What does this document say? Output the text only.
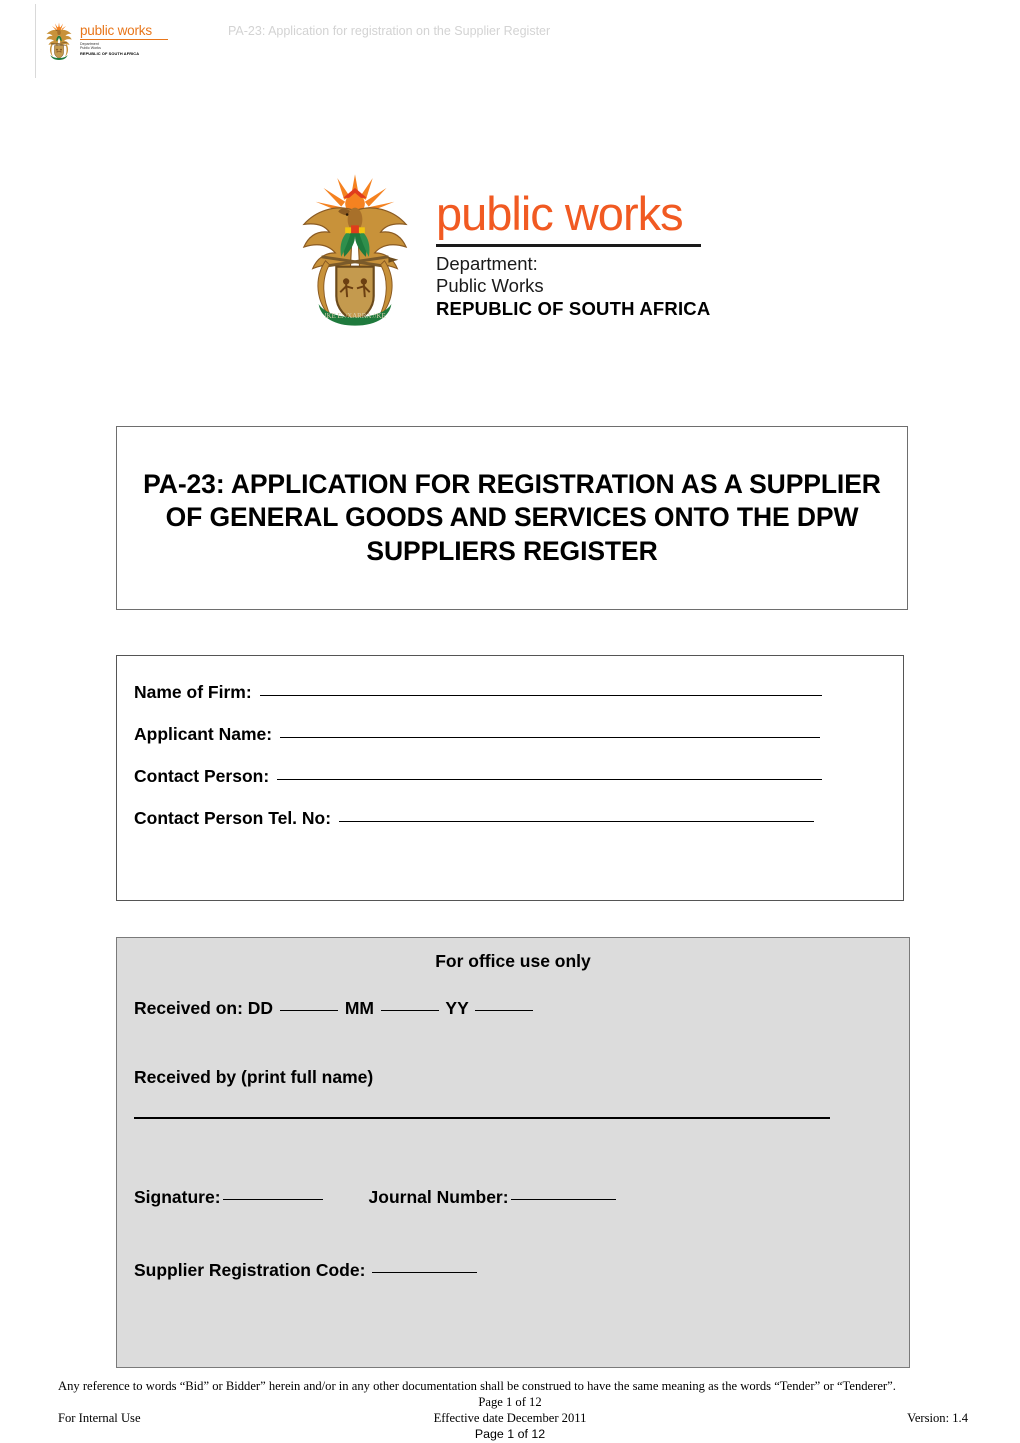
public works
Department
Public Works
REPUBLIC OF SOUTH AFRICA
PA-23: Application for registration on the Supplier Register
!KE E: /XARRA //KE
public works
Department:
Public Works
REPUBLIC OF SOUTH AFRICA
PA-23: APPLICATION FOR REGISTRATION AS A SUPPLIER OF GENERAL GOODS AND SERVICES ONTO THE DPW SUPPLIERS REGISTER
Name of Firm:
Applicant Name:
Contact Person:
Contact Person Tel. No:
For office use only
Received on: DD	MM	YY
Received by (print full name)
Signature:	Journal Number:
Supplier Registration Code:
Any reference to words “Bid” or Bidder” herein and/or in any other documentation shall be construed to have the same meaning as the words “Tender” or “Tenderer”.
Page 1 of 12
For Internal Use	Effective date December 2011	Version: 1.4
Page 1 of 12
